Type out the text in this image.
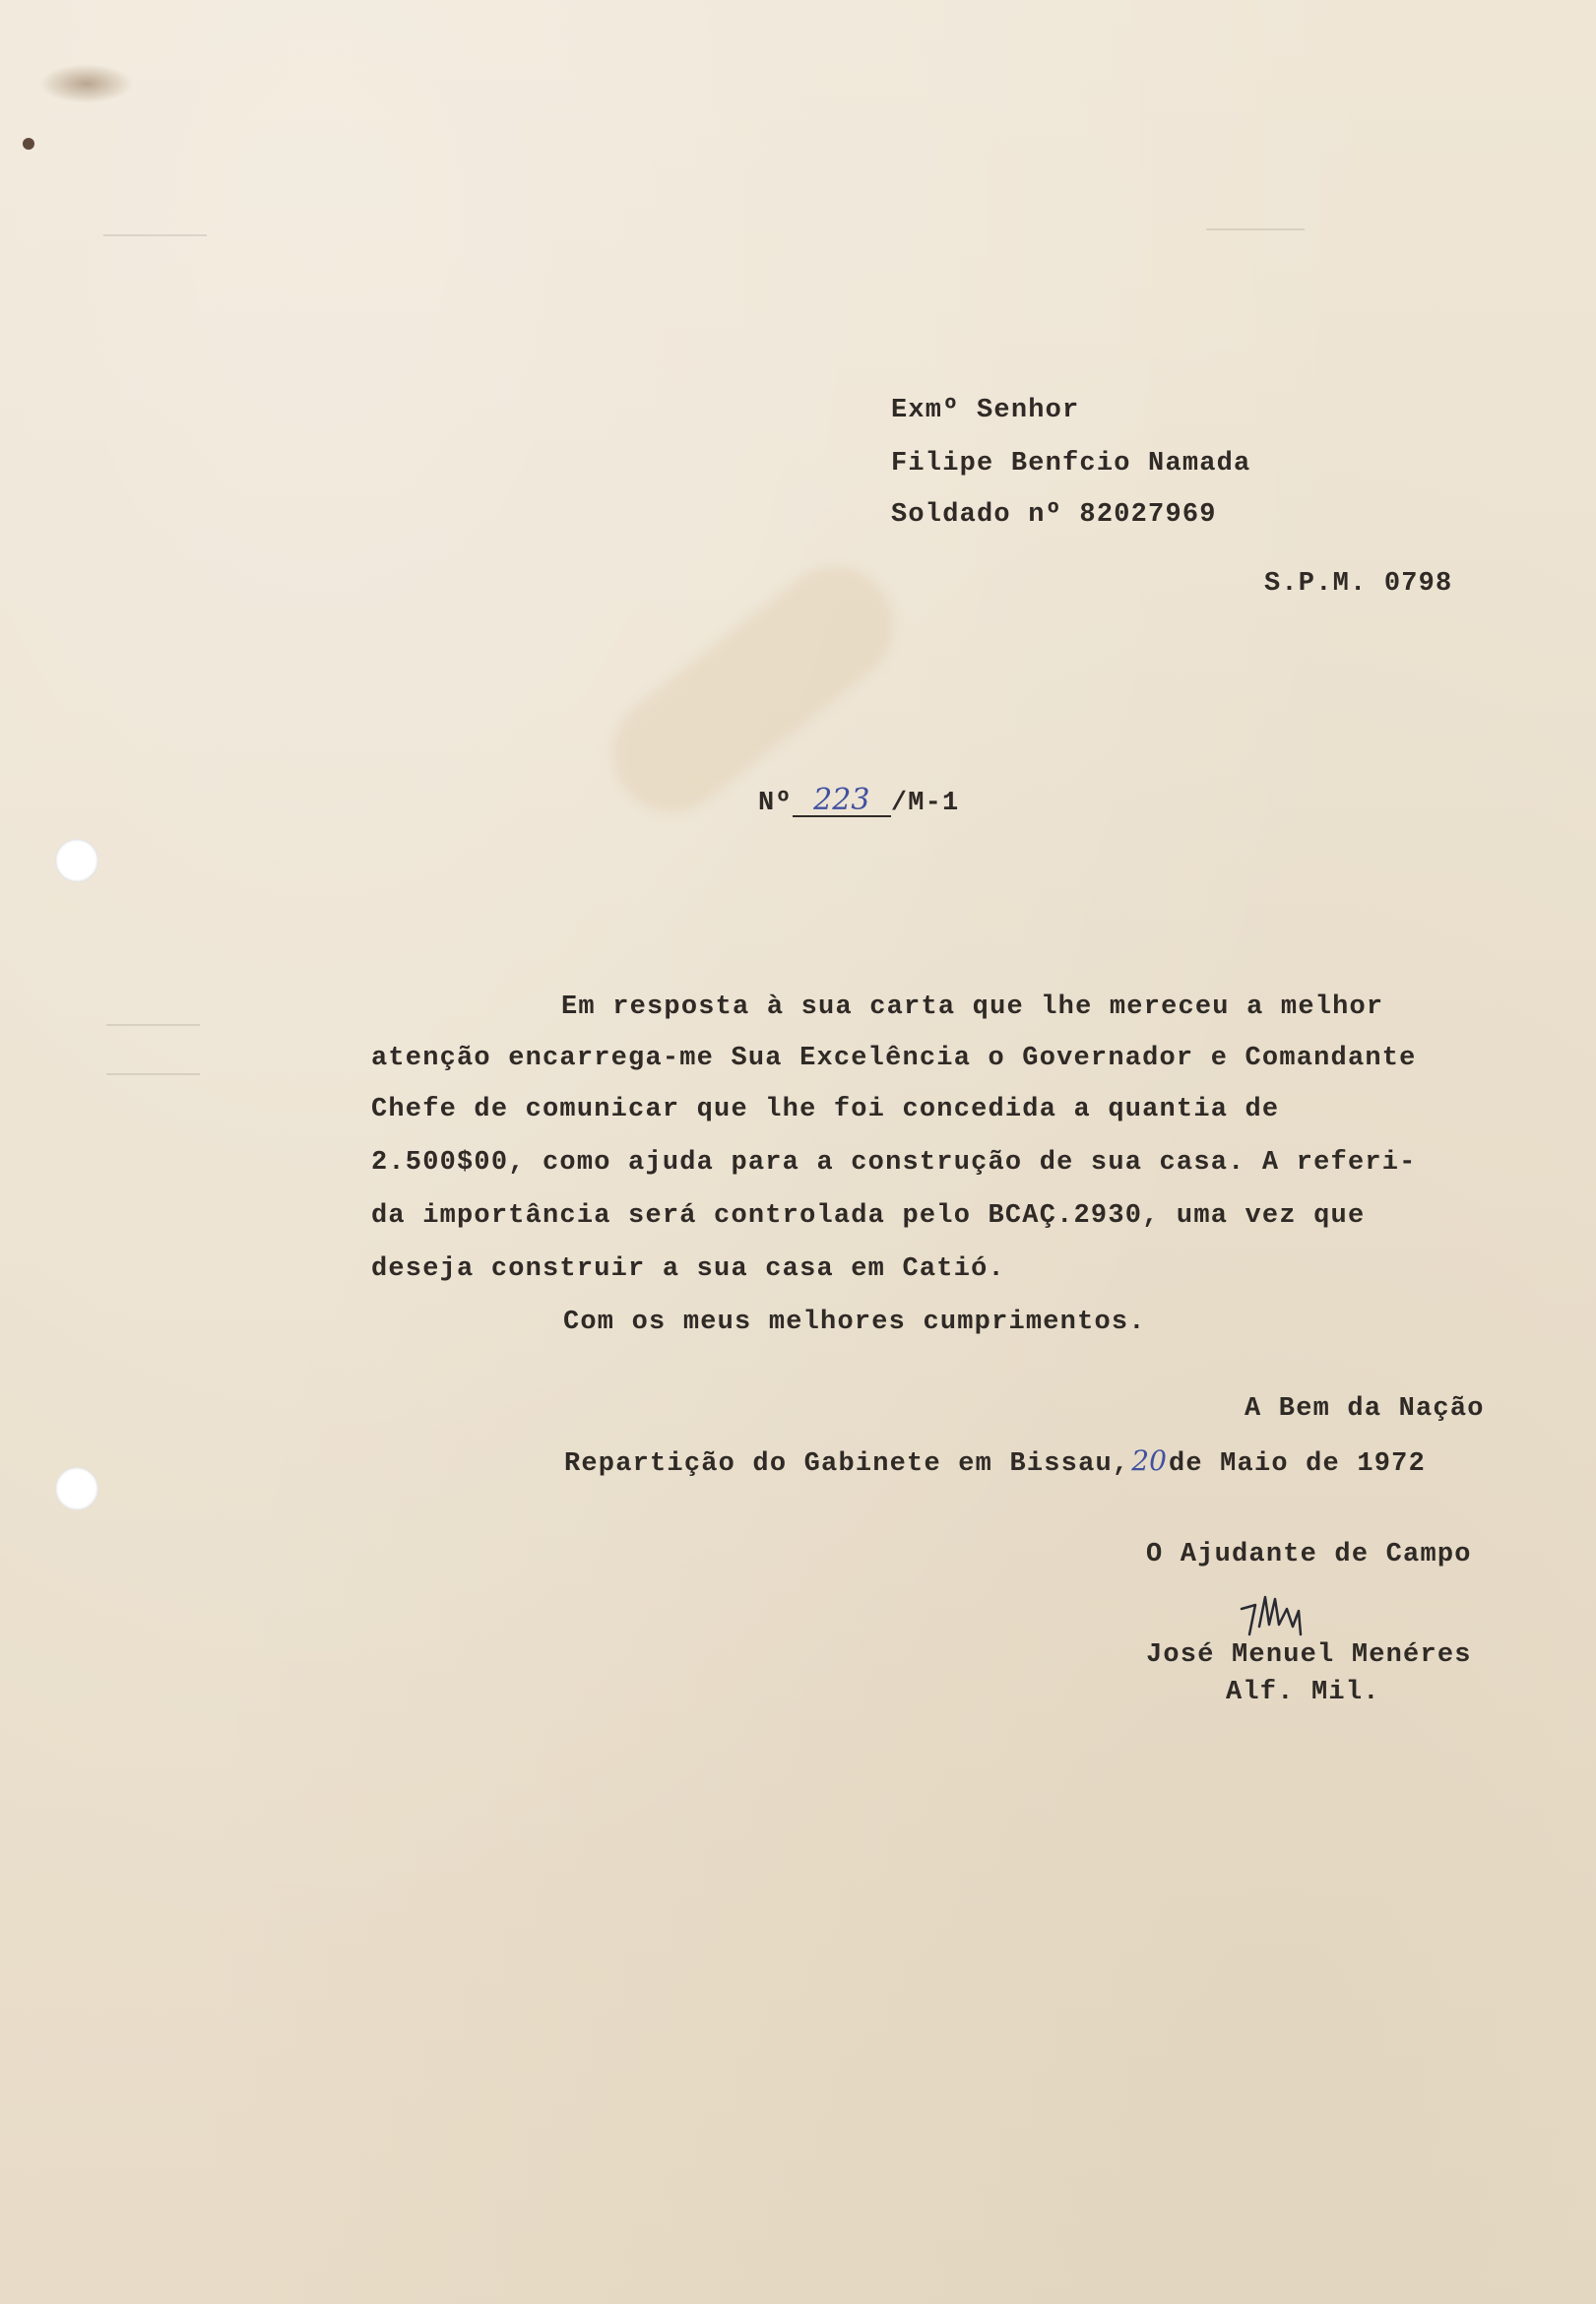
Exmº Senhor
Filipe Benfcio Namada
Soldado nº 82027969
S.P.M. 0798
Nº 223 /M-1
Em resposta à sua carta que lhe mereceu a melhor
atenção encarrega-me Sua Excelência o Governador e Comandante
Chefe de comunicar que lhe foi concedida a quantia de
2.500$00, como ajuda para a construção de sua casa. A referi-
da importância será controlada pelo BCAÇ.2930, uma vez que
deseja construir a sua casa em Catió.
Com os meus melhores cumprimentos.
A Bem da Nação
Repartição do Gabinete em Bissau,20de Maio de 1972
O Ajudante de Campo
José Menuel Menéres
Alf. Mil.
